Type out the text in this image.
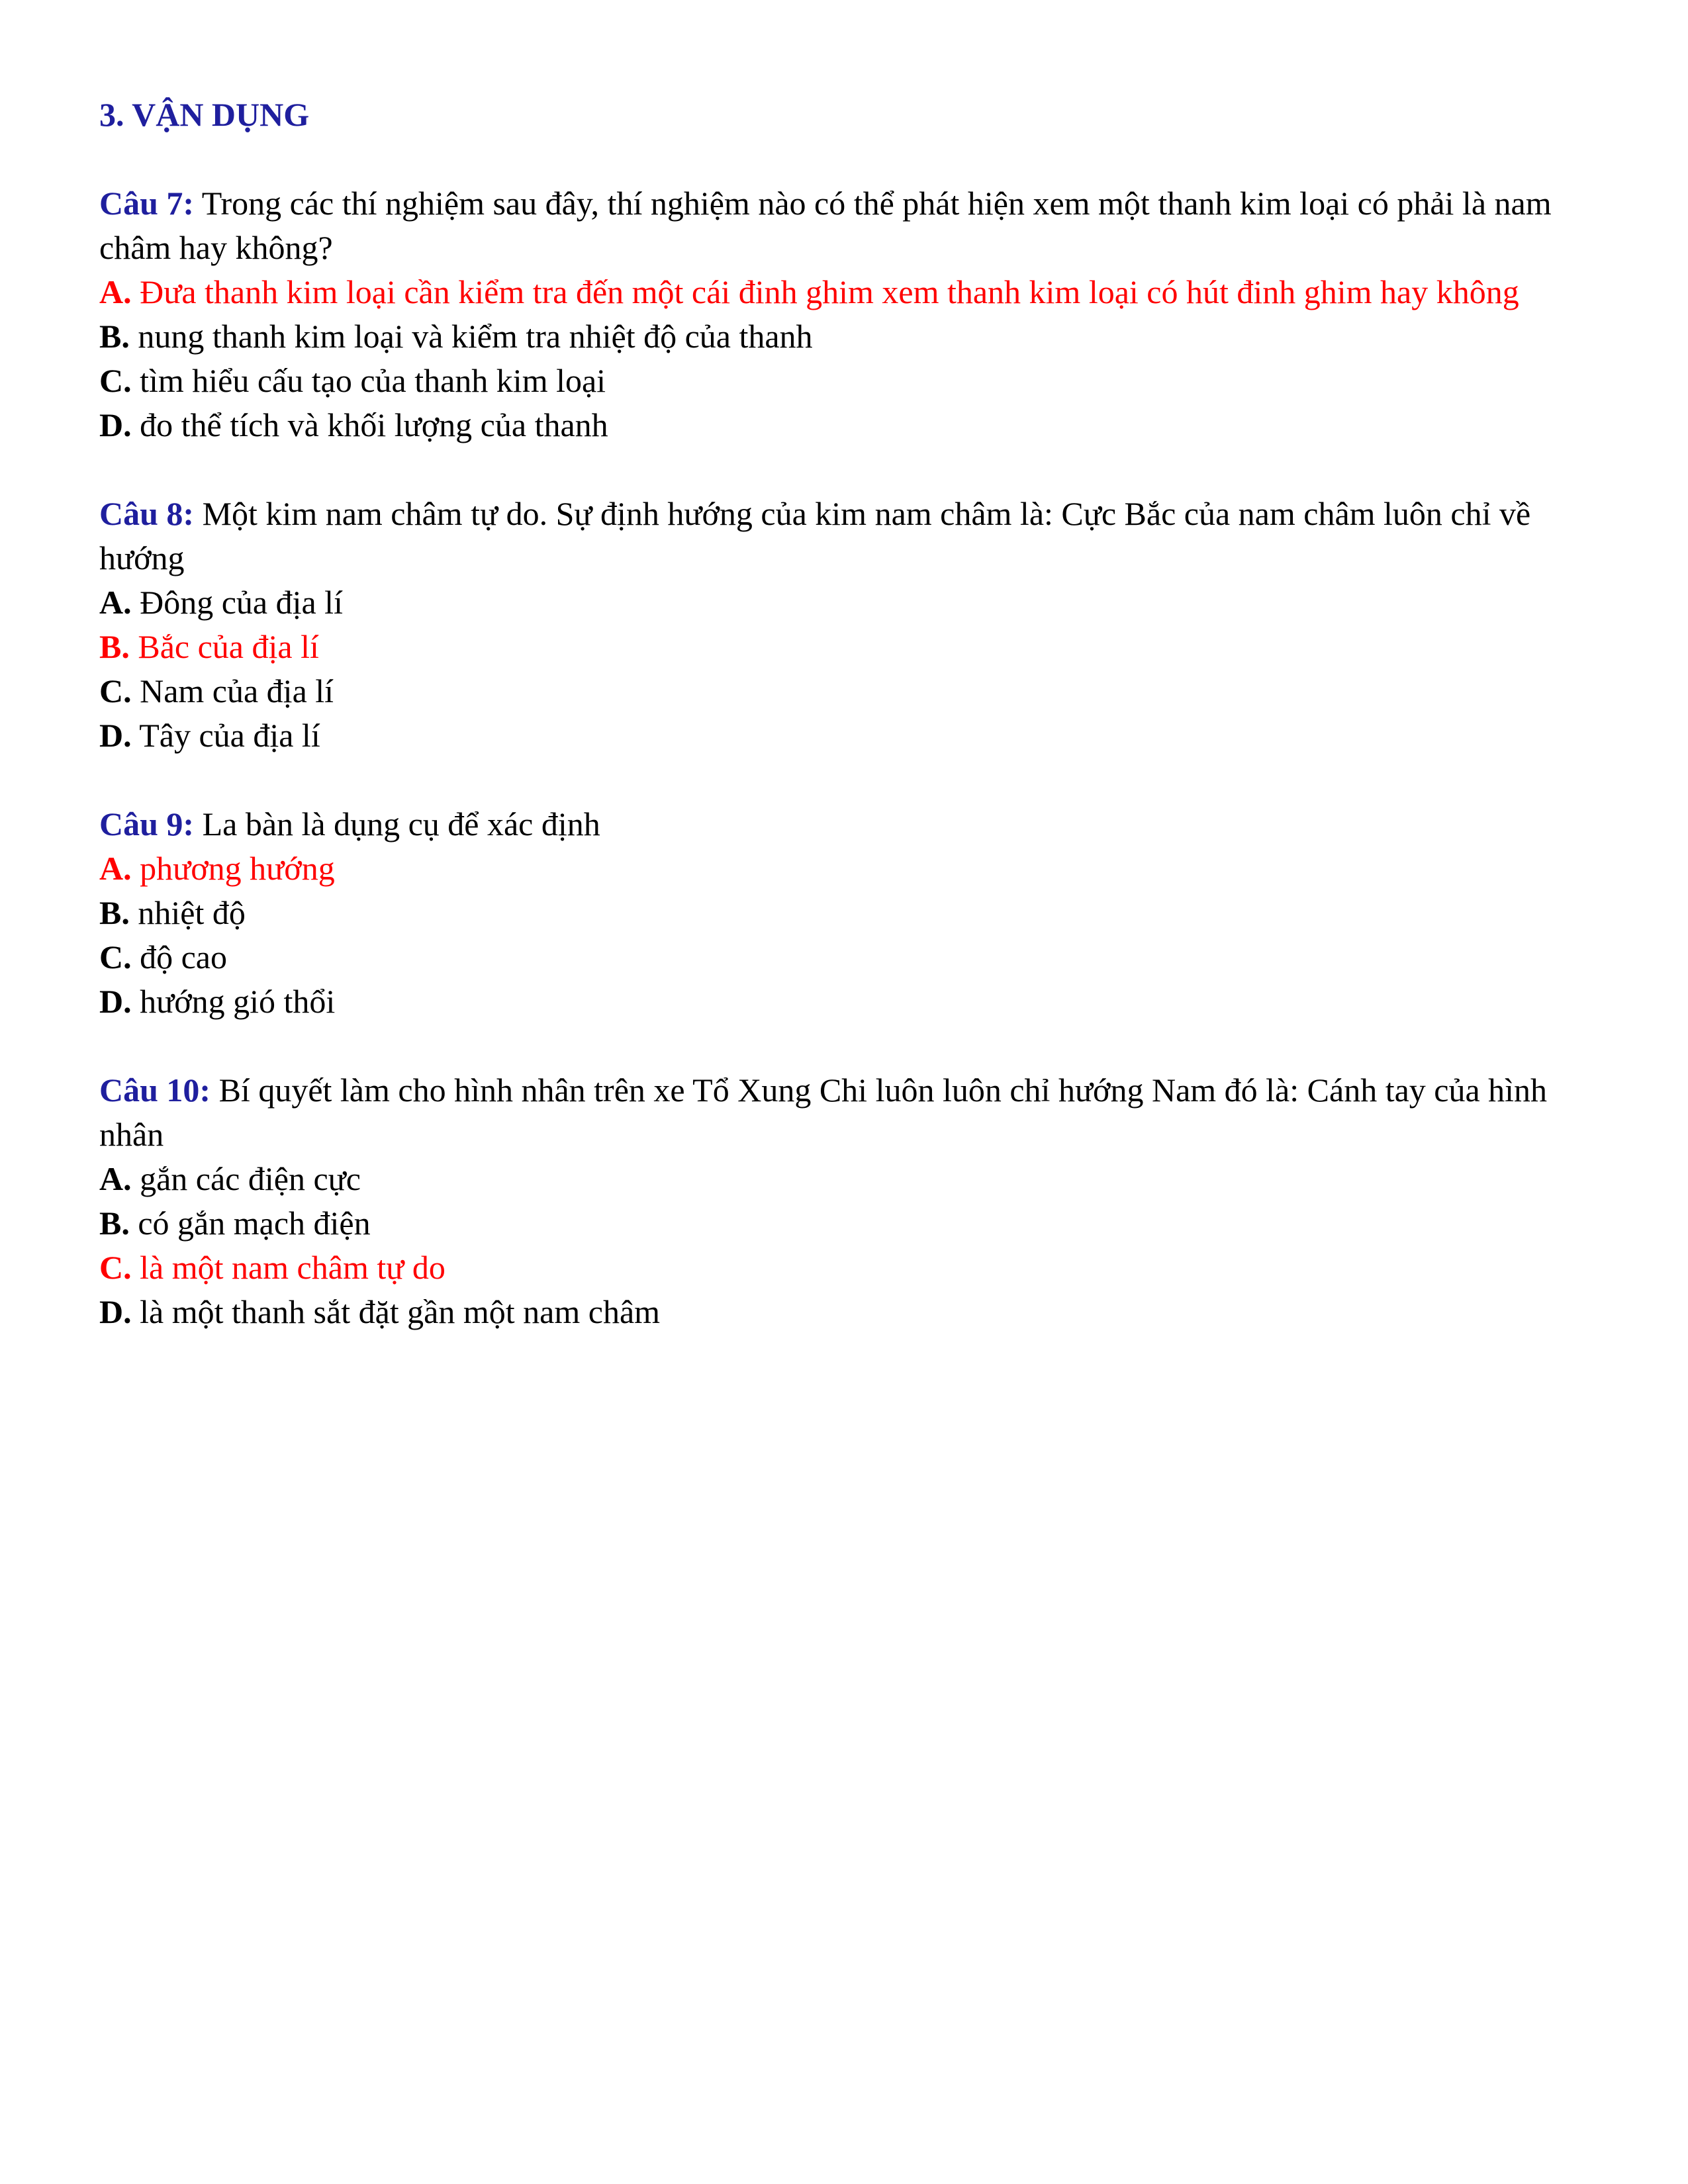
3. VẬN DỤNG

Câu 7: Trong các thí nghiệm sau đây, thí nghiệm nào có thể phát hiện xem một thanh kim loại có phải là nam châm hay không?

A. Đưa thanh kim loại cần kiểm tra đến một cái đinh ghim xem thanh kim loại có hút đinh ghim hay không

B. nung thanh kim loại và kiểm tra nhiệt độ của thanh

C. tìm hiểu cấu tạo của thanh kim loại

D. đo thể tích và khối lượng của thanh

Câu 8: Một kim nam châm tự do. Sự định hướng của kim nam châm là: Cực Bắc của nam châm luôn chỉ về hướng

A. Đông của địa lí

B. Bắc của địa lí

C. Nam của địa lí

D. Tây của địa lí

Câu 9: La bàn là dụng cụ để xác định

A. phương hướng

B. nhiệt độ

C. độ cao

D. hướng gió thổi

Câu 10: Bí quyết làm cho hình nhân trên xe Tổ Xung Chi luôn luôn chỉ hướng Nam đó là: Cánh tay của hình nhân

A. gắn các điện cực

B. có gắn mạch điện

C. là một nam châm tự do

D. là một thanh sắt đặt gần một nam châm
